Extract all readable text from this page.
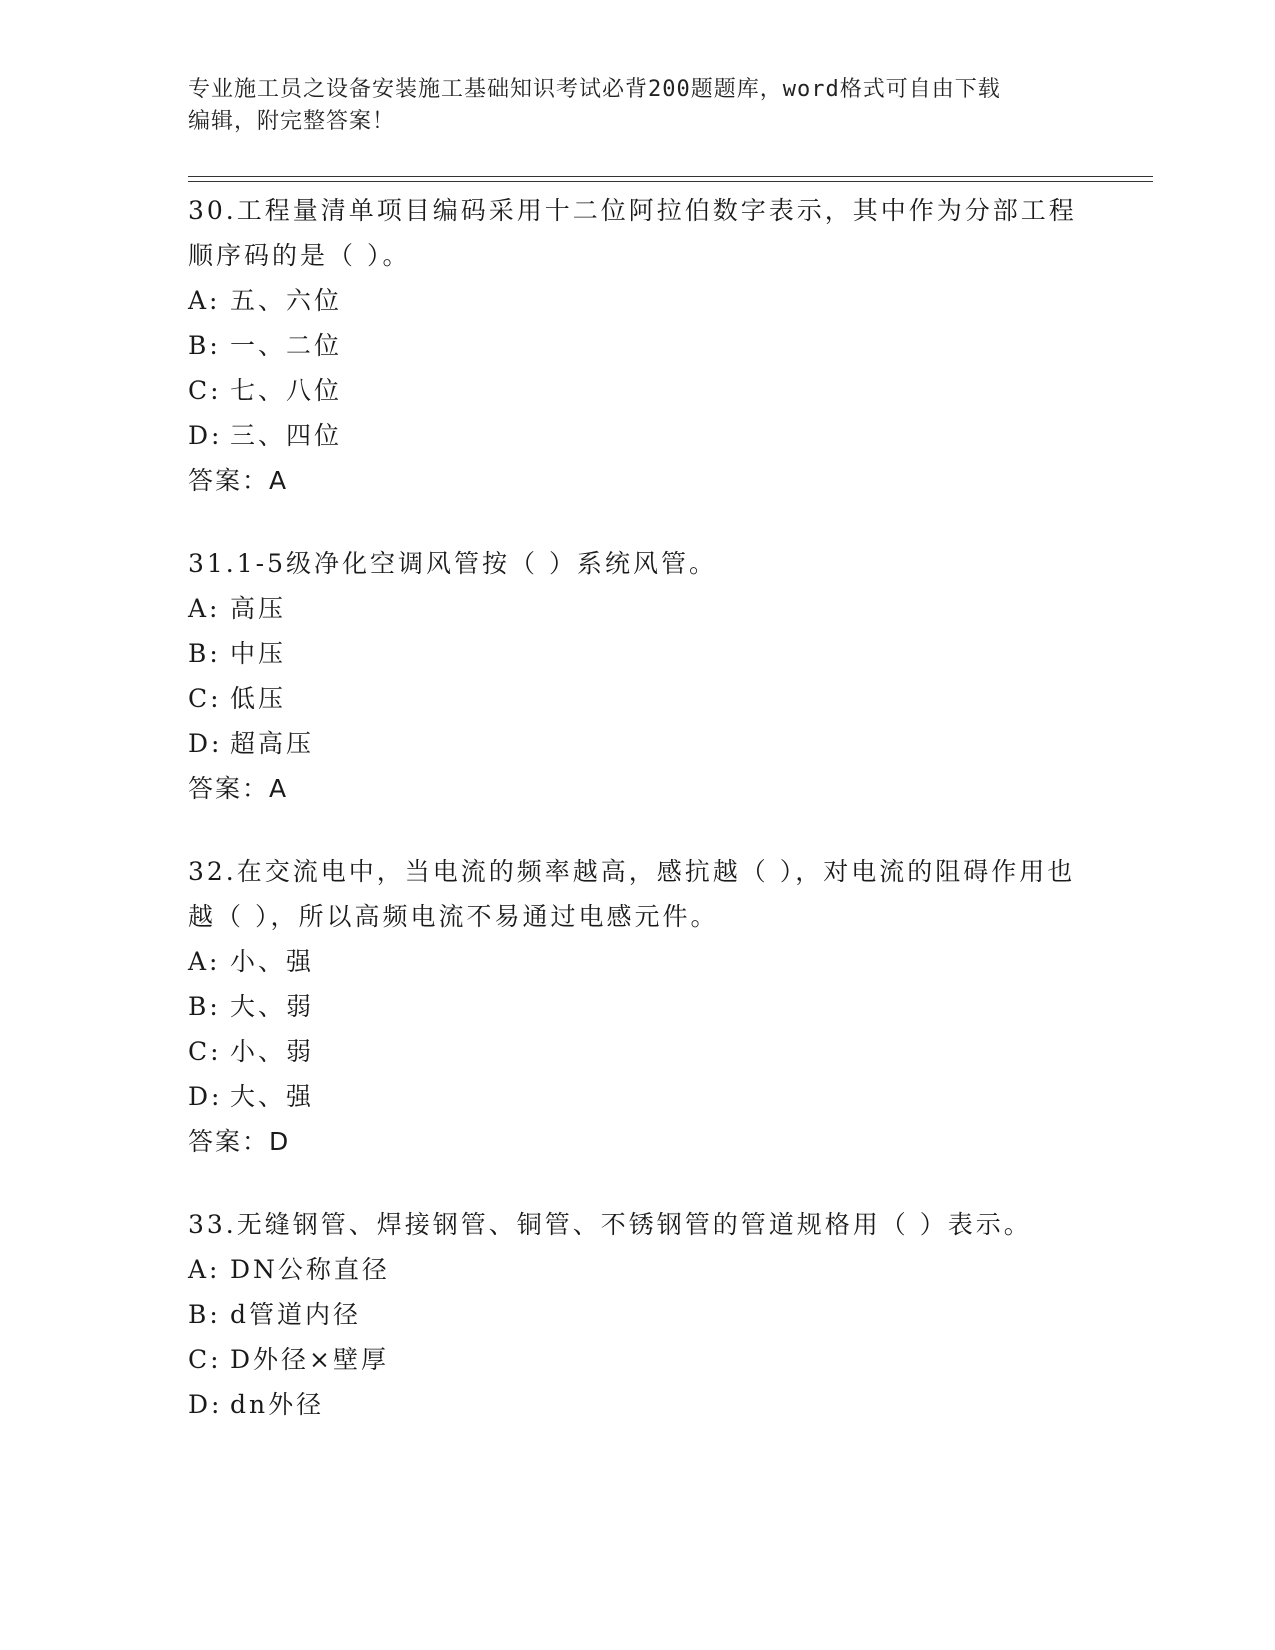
专业施工员之设备安装施工基础知识考试必背200题题库，word格式可自由下载
编辑，附完整答案！
30.工程量清单项目编码采用十二位阿拉伯数字表示，其中作为分部工程顺序码的是（ ）。
A: 五、六位
B: 一、二位
C: 七、八位
D: 三、四位
答案：A
31.1-5级净化空调风管按（ ）系统风管。
A: 高压
B: 中压
C: 低压
D: 超高压
答案：A
32.在交流电中，当电流的频率越高，感抗越（ ），对电流的阻碍作用也越（ ），所以高频电流不易通过电感元件。
A: 小、强
B: 大、弱
C: 小、弱
D: 大、强
答案：D
33.无缝钢管、焊接钢管、铜管、不锈钢管的管道规格用（ ）表示。
A: DN公称直径
B: d管道内径
C: D外径×壁厚
D: dn外径
